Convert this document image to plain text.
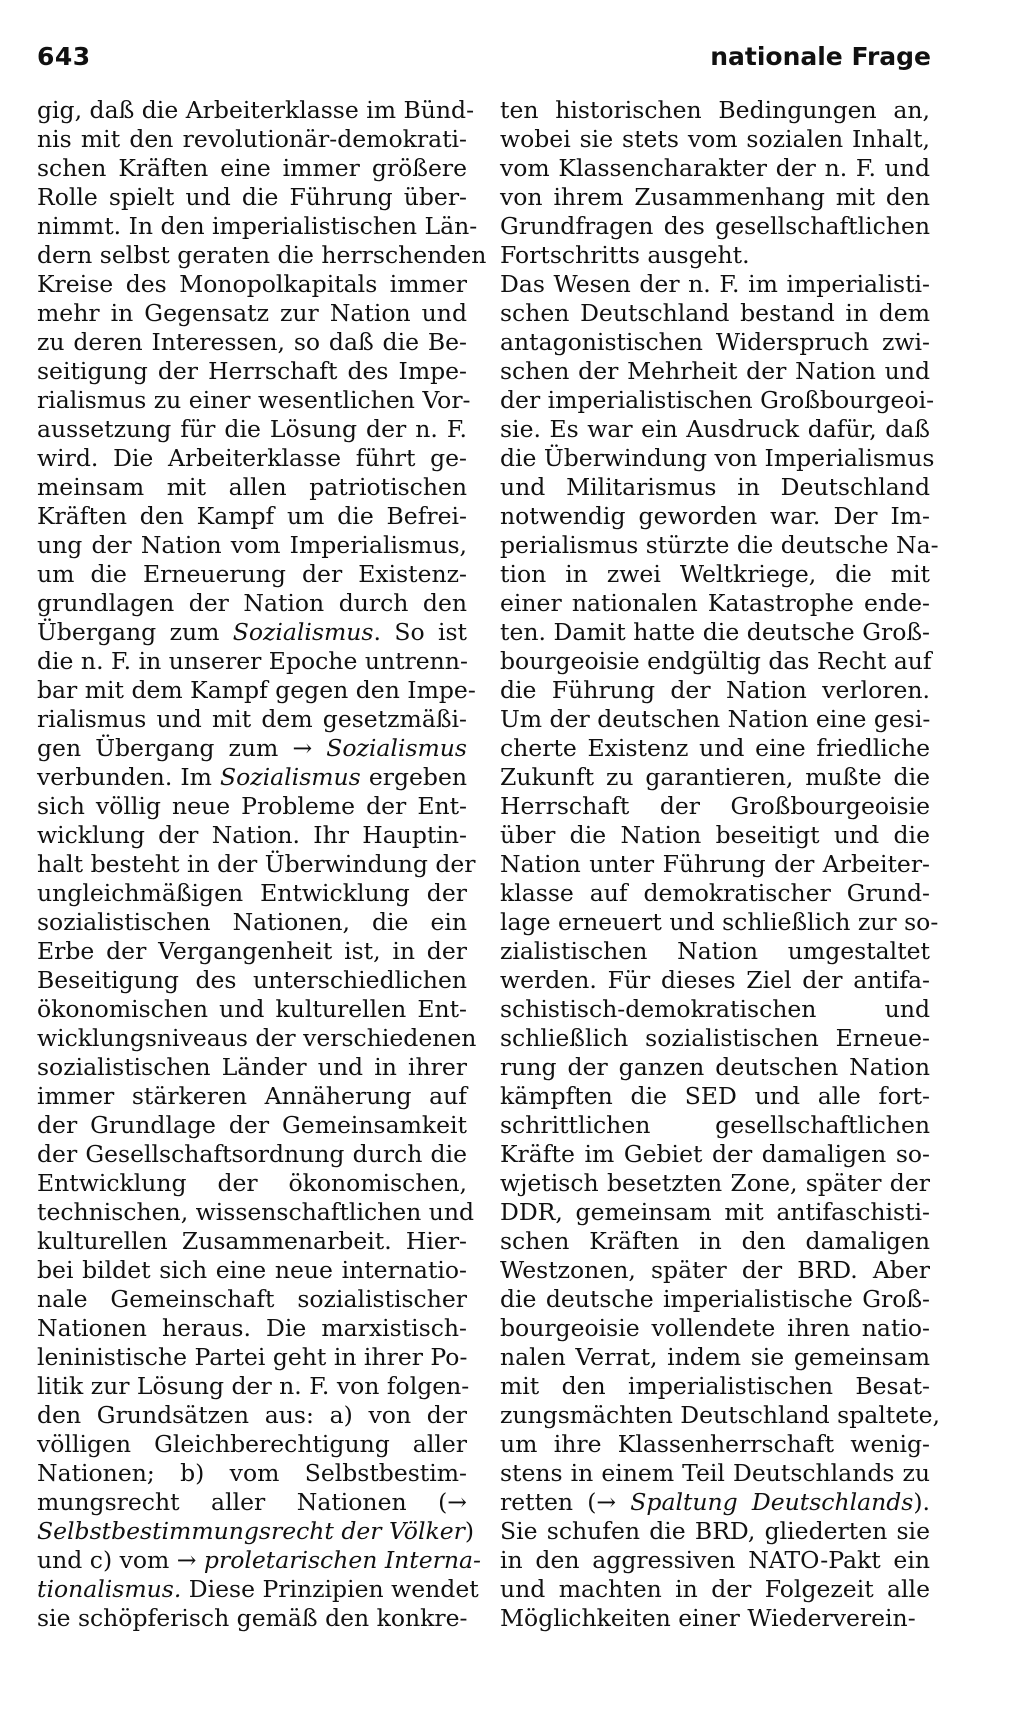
643	nationale Frage
gig, daß die Arbeiterklasse im Bünd-
nis mit den revolutionär-demokrati-
schen Kräften eine immer größere
Rolle spielt und die Führung über-
nimmt. In den imperialistischen Län-
dern selbst geraten die herrschenden
Kreise des Monopolkapitals immer
mehr in Gegensatz zur Nation und
zu deren Interessen, so daß die Be-
seitigung der Herrschaft des Impe-
rialismus zu einer wesentlichen Vor-
aussetzung für die Lösung der n. F.
wird. Die Arbeiterklasse führt ge-
meinsam mit allen patriotischen
Kräften den Kampf um die Befrei-
ung der Nation vom Imperialismus,
um die Erneuerung der Existenz-
grundlagen der Nation durch den
Übergang zum Sozialismus. So ist
die n. F. in unserer Epoche untrenn-
bar mit dem Kampf gegen den Impe-
rialismus und mit dem gesetzmäßi-
gen Übergang zum → Sozialismus
verbunden. Im Sozialismus ergeben
sich völlig neue Probleme der Ent-
wicklung der Nation. Ihr Hauptin-
halt besteht in der Überwindung der
ungleichmäßigen Entwicklung der
sozialistischen Nationen, die ein
Erbe der Vergangenheit ist, in der
Beseitigung des unterschiedlichen
ökonomischen und kulturellen Ent-
wicklungsniveaus der verschiedenen
sozialistischen Länder und in ihrer
immer stärkeren Annäherung auf
der Grundlage der Gemeinsamkeit
der Gesellschaftsordnung durch die
Entwicklung der ökonomischen,
technischen, wissenschaftlichen und
kulturellen Zusammenarbeit. Hier-
bei bildet sich eine neue internatio-
nale Gemeinschaft sozialistischer
Nationen heraus. Die marxistisch-
leninistische Partei geht in ihrer Po-
litik zur Lösung der n. F. von folgen-
den Grundsätzen aus: a) von der
völligen Gleichberechtigung aller
Nationen; b) vom Selbstbestim-
mungsrecht aller Nationen (→
Selbstbestimmungsrecht der Völker)
und c) vom → proletarischen Interna-
tionalismus. Diese Prinzipien wendet
sie schöpferisch gemäß den konkre-
ten historischen Bedingungen an,
wobei sie stets vom sozialen Inhalt,
vom Klassencharakter der n. F. und
von ihrem Zusammenhang mit den
Grundfragen des gesellschaftlichen
Fortschritts ausgeht.
Das Wesen der n. F. im imperialisti-
schen Deutschland bestand in dem
antagonistischen Widerspruch zwi-
schen der Mehrheit der Nation und
der imperialistischen Großbourgeoi-
sie. Es war ein Ausdruck dafür, daß
die Überwindung von Imperialismus
und Militarismus in Deutschland
notwendig geworden war. Der Im-
perialismus stürzte die deutsche Na-
tion in zwei Weltkriege, die mit
einer nationalen Katastrophe ende-
ten. Damit hatte die deutsche Groß-
bourgeoisie endgültig das Recht auf
die Führung der Nation verloren.
Um der deutschen Nation eine gesi-
cherte Existenz und eine friedliche
Zukunft zu garantieren, mußte die
Herrschaft der Großbourgeoisie
über die Nation beseitigt und die
Nation unter Führung der Arbeiter-
klasse auf demokratischer Grund-
lage erneuert und schließlich zur so-
zialistischen Nation umgestaltet
werden. Für dieses Ziel der antifa-
schistisch-demokratischen und
schließlich sozialistischen Erneue-
rung der ganzen deutschen Nation
kämpften die SED und alle fort-
schrittlichen gesellschaftlichen
Kräfte im Gebiet der damaligen so-
wjetisch besetzten Zone, später der
DDR, gemeinsam mit antifaschisti-
schen Kräften in den damaligen
Westzonen, später der BRD. Aber
die deutsche imperialistische Groß-
bourgeoisie vollendete ihren natio-
nalen Verrat, indem sie gemeinsam
mit den imperialistischen Besat-
zungsmächten Deutschland spaltete,
um ihre Klassenherrschaft wenig-
stens in einem Teil Deutschlands zu
retten (→ Spaltung Deutschlands).
Sie schufen die BRD, gliederten sie
in den aggressiven NATO-Pakt ein
und machten in der Folgezeit alle
Möglichkeiten einer Wiederverein-
